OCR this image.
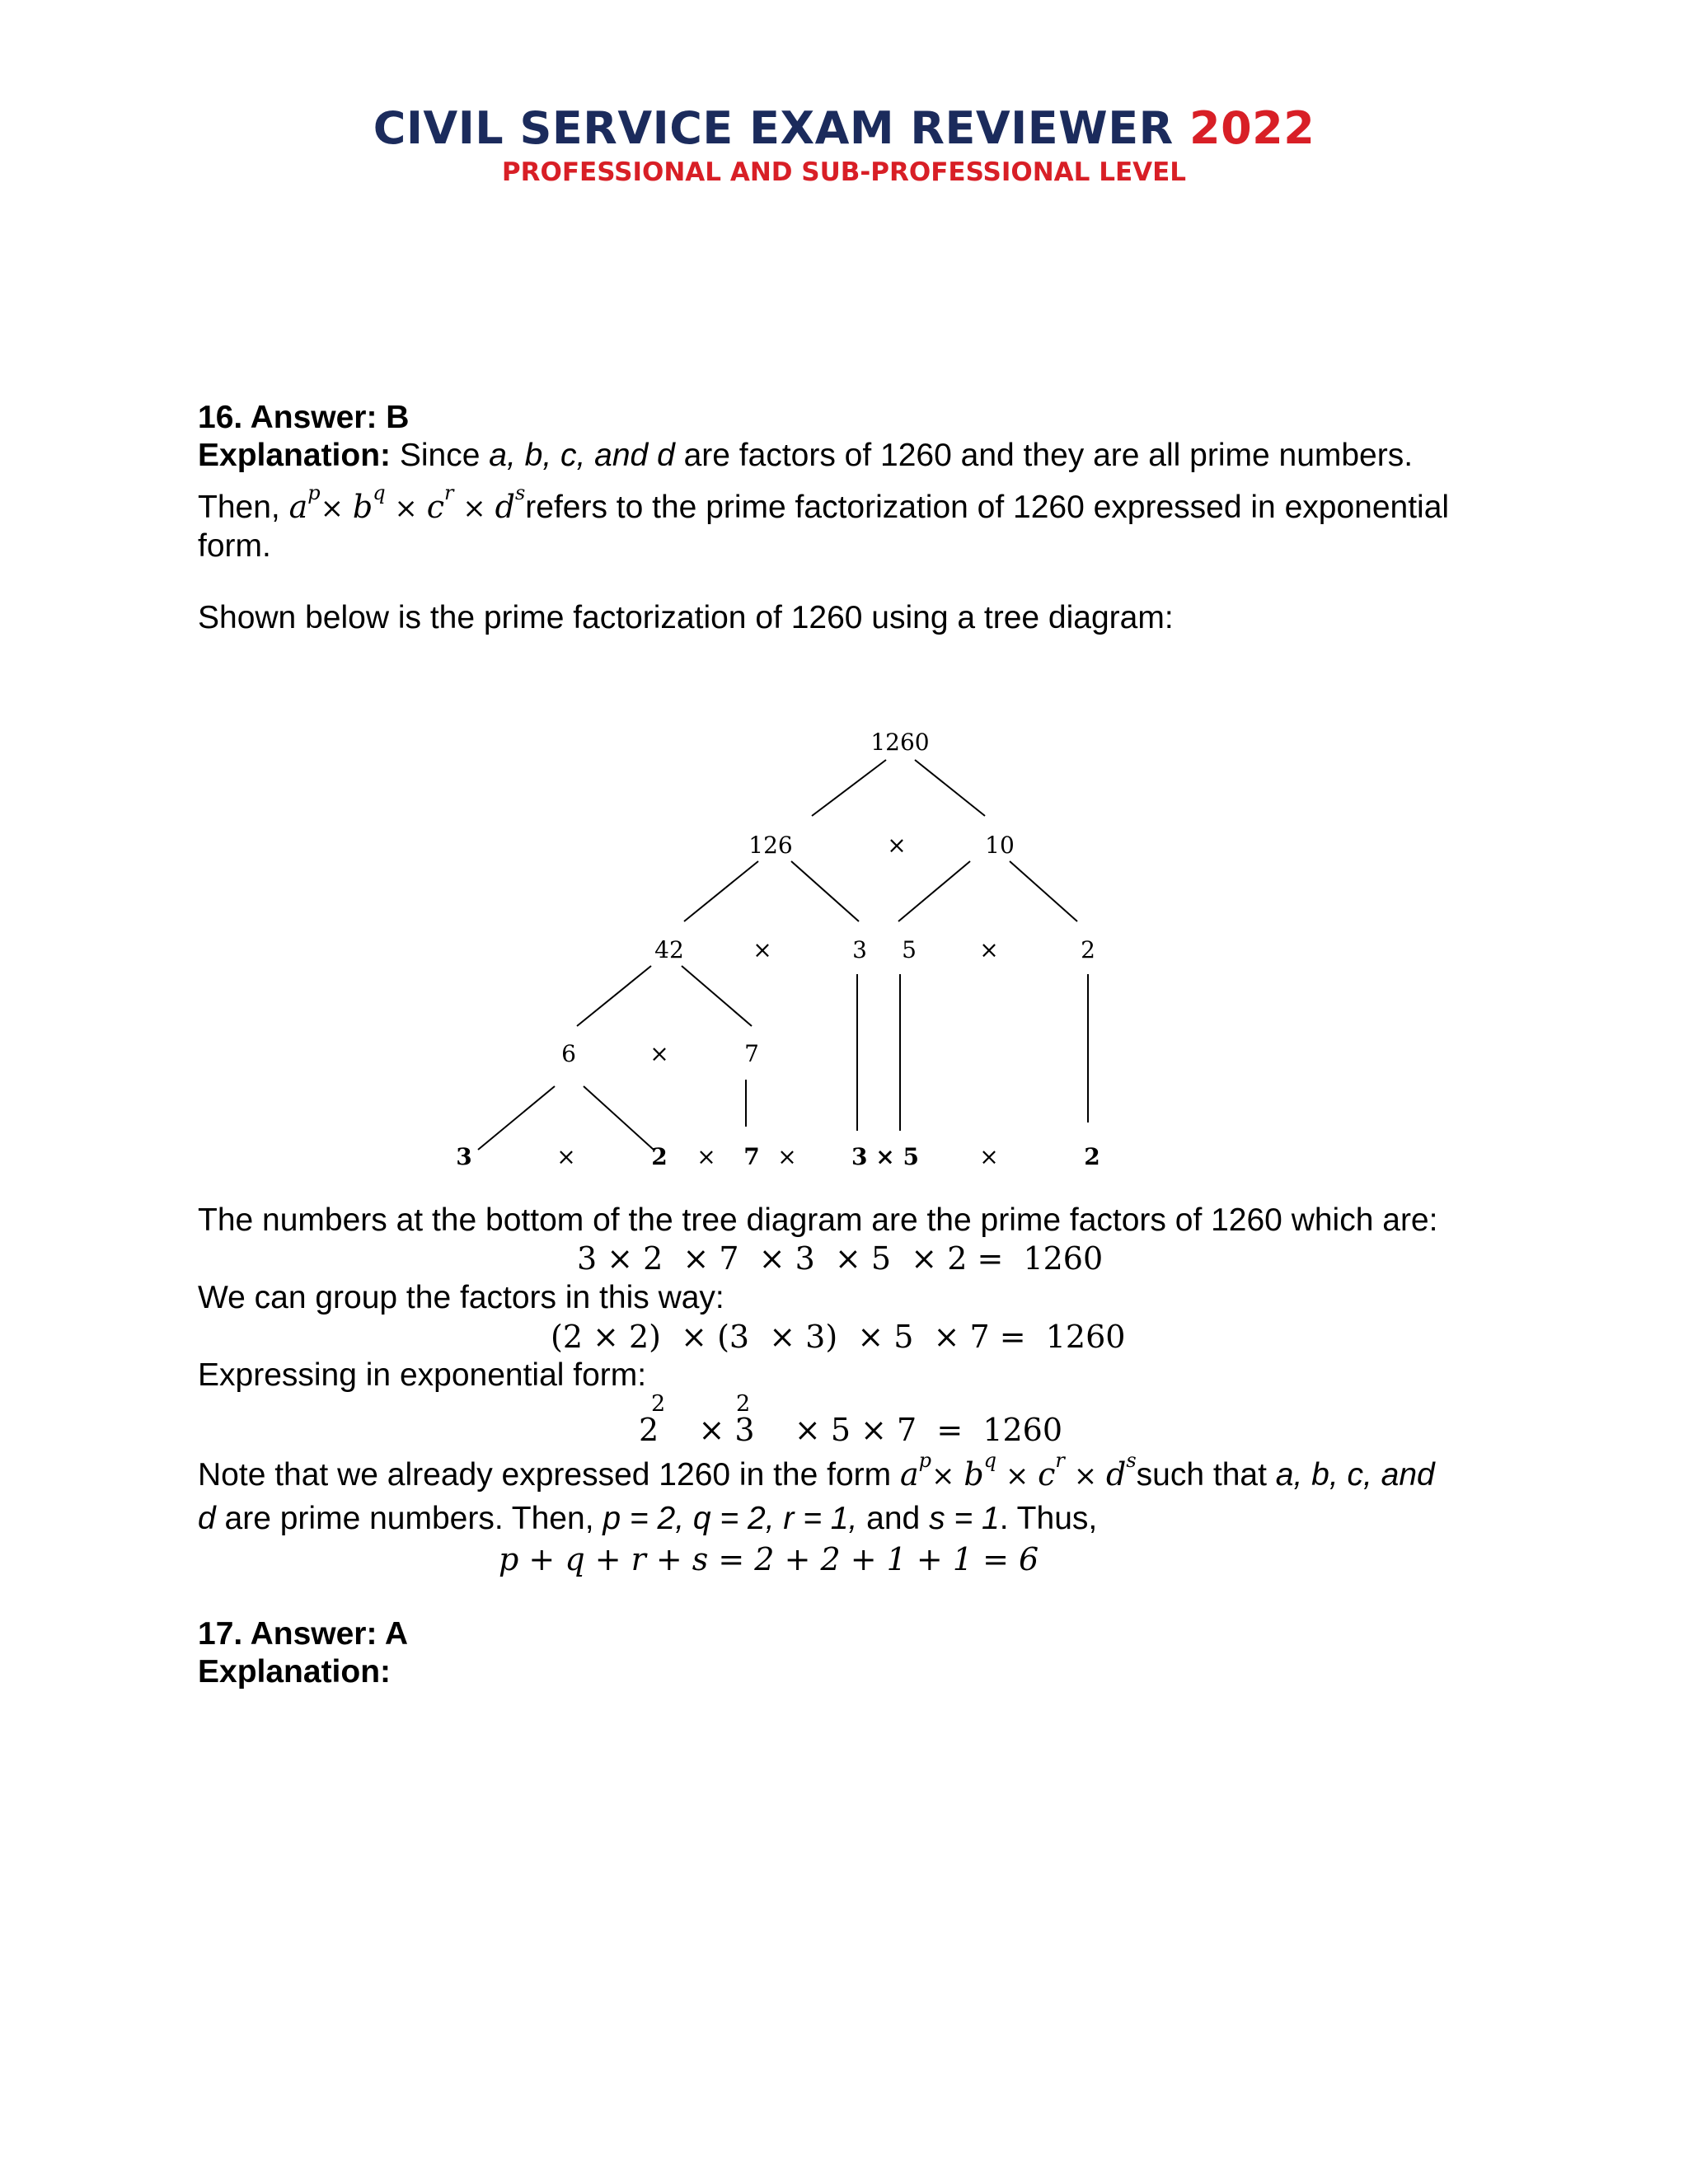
CIVIL SERVICE EXAM REVIEWER 2022
PROFESSIONAL AND SUB-PROFESSIONAL LEVEL
16. Answer: B
Explanation: Since a, b, c, and d are factors of 1260 and they are all prime numbers.
Then, $a^p\times b^q \times c^r$ × $d^srefers$ to the prime factorization of 1260 expressed in exponential
form.
Shown below is the prime factorization of 1260 using a tree diagram:
1260
126	×	10
42	×	3 5	×	2
6	×	7
3	×	2 × 7 × 3 × 5	×	2
The numbers at the bottom of the tree diagram are the prime factors of 1260 which are:
3 × 2  × 7  × 3  × 5  × 2 =  1260
We can group the factors in this way:
(2 × 2)  × (3  × 3)  × 5  × 7 =  1260
Expressing in exponential form:
2	2
2    × 3    × 5 × 7  =  1260
Note that we already expressed 1260 in the form $a^p\times b^q \times c^r$ × $d^ssuch$ that a, b, c, and
d are prime numbers. Then, p = 2, q = 2, r = 1, and s = 1. Thus,
p + q + r + s = 2 + 2 + 1 + 1 = 6
17. Answer: A
Explanation:
